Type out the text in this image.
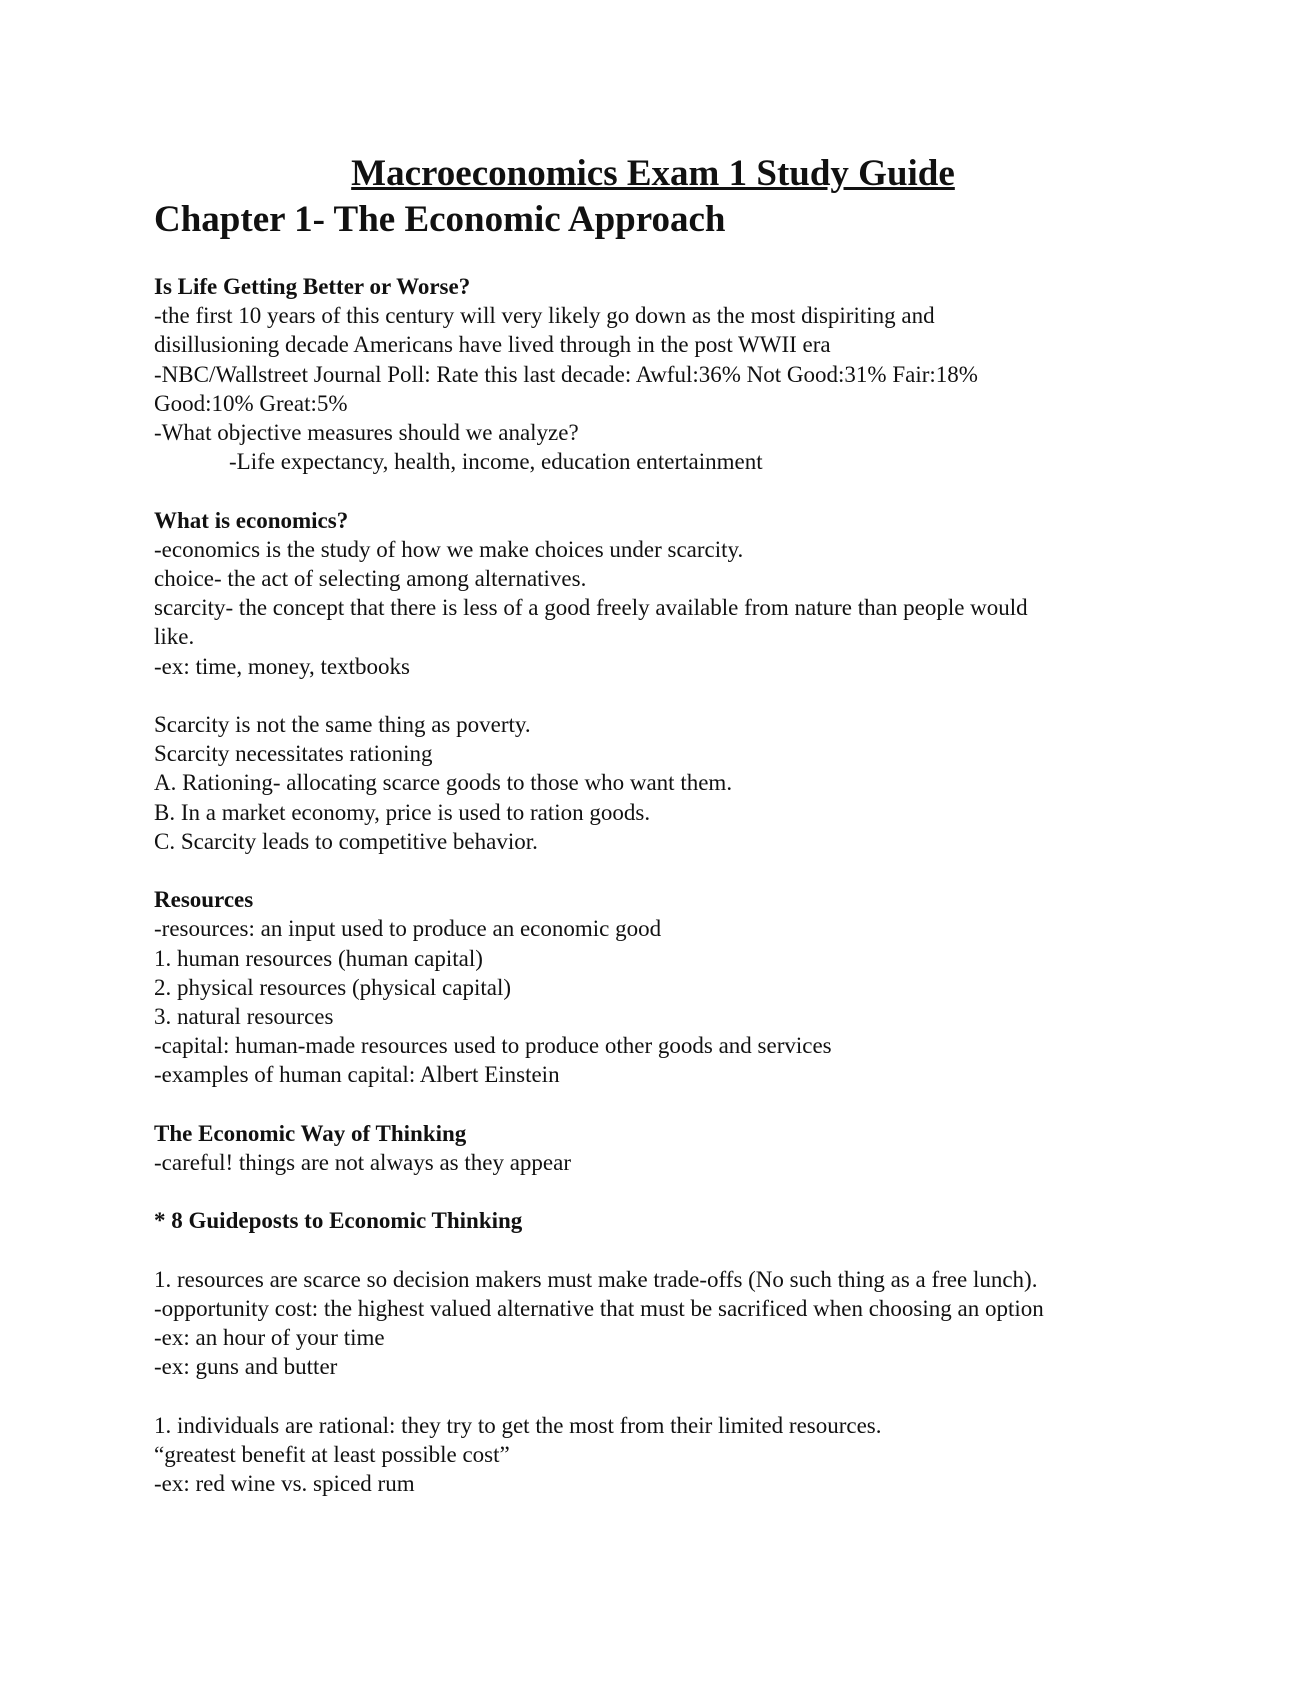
Macroeconomics Exam 1 Study Guide
Chapter 1- The Economic Approach

Is Life Getting Better or Worse?

-the first 10 years of this century will very likely go down as the most dispiriting and

disillusioning decade Americans have lived through in the post WWII era

-NBC/Wallstreet Journal Poll: Rate this last decade: Awful:36% Not Good:31% Fair:18%

Good:10% Great:5%

-What objective measures should we analyze?

-Life expectancy, health, income, education entertainment

What is economics?

-economics is the study of how we make choices under scarcity.

choice- the act of selecting among alternatives.

scarcity- the concept that there is less of a good freely available from nature than people would

like.

-ex: time, money, textbooks

Scarcity is not the same thing as poverty.

Scarcity necessitates rationing

A. Rationing- allocating scarce goods to those who want them.

B. In a market economy, price is used to ration goods.

C. Scarcity leads to competitive behavior.

Resources

-resources: an input used to produce an economic good

1. human resources (human capital)

2. physical resources (physical capital)

3. natural resources

-capital: human-made resources used to produce other goods and services

-examples of human capital: Albert Einstein

The Economic Way of Thinking

-careful! things are not always as they appear

* 8 Guideposts to Economic Thinking

1. resources are scarce so decision makers must make trade-offs (No such thing as a free lunch).

-opportunity cost: the highest valued alternative that must be sacrificed when choosing an option

-ex: an hour of your time

-ex: guns and butter

1. individuals are rational: they try to get the most from their limited resources.

“greatest benefit at least possible cost”

-ex: red wine vs. spiced rum
